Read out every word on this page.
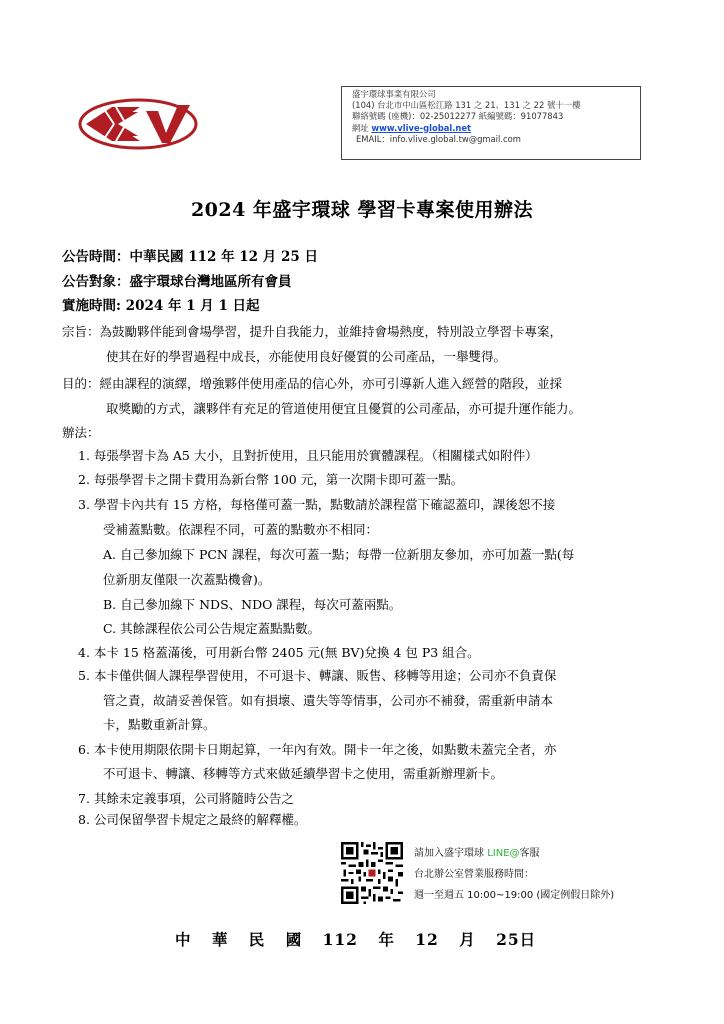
盛宇環球事業有限公司
(104) 台北市中山區松江路 131 之 21、131 之 22 號十一樓
聯絡號碼 (座機)：02-25012277 紙編號碼：91077843
網址 www.vlive-global.net
EMAIL：info.vlive.global.tw@gmail.com
2024 年盛宇環球 學習卡專案使用辦法
公告時間：中華民國 112 年 12 月 25 日
公告對象：盛宇環球台灣地區所有會員
實施時間: 2024 年 1 月 1 日起
宗旨：為鼓勵夥伴能到會場學習，提升自我能力，並維持會場熱度，特別設立學習卡專案，
使其在好的學習過程中成長，亦能使用良好優質的公司產品，一舉雙得。
目的：經由課程的演繹，增強夥伴使用產品的信心外，亦可引導新人進入經營的階段，並採
取獎勵的方式，讓夥伴有充足的管道使用便宜且優質的公司產品，亦可提升運作能力。
辦法：
1. 每張學習卡為 A5 大小，且對折使用，且只能用於實體課程。（相關樣式如附件）
2. 每張學習卡之開卡費用為新台幣 100 元，第一次開卡即可蓋一點。
3. 學習卡內共有 15 方格，每格僅可蓋一點，點數請於課程當下確認蓋印，課後恕不接
受補蓋點數。依課程不同，可蓋的點數亦不相同：
A. 自己參加線下 PCN 課程，每次可蓋一點；每帶一位新朋友參加，亦可加蓋一點(每
位新朋友僅限一次蓋點機會)。
B. 自己參加線下 NDS、NDO 課程，每次可蓋兩點。
C. 其餘課程依公司公告規定蓋點點數。
4. 本卡 15 格蓋滿後，可用新台幣 2405 元(無 BV)兌換 4 包 P3 組合。
5. 本卡僅供個人課程學習使用，不可退卡、轉讓、販售、移轉等用途；公司亦不負責保
管之責，故請妥善保管。如有損壞、遺失等等情事，公司亦不補發，需重新申請本
卡，點數重新計算。
6. 本卡使用期限依開卡日期起算，一年內有效。開卡一年之後，如點數未蓋完全者，亦
不可退卡、轉讓、移轉等方式來做延續學習卡之使用，需重新辦理新卡。
7. 其餘未定義事項，公司將隨時公告之
8. 公司保留學習卡規定之最終的解釋權。
請加入盛宇環球 LINE@客服
台北辦公室營業服務時間：
週一至週五 10:00~19:00 (國定例假日除外)
中 華 民 國 112 年 12 月 25日
